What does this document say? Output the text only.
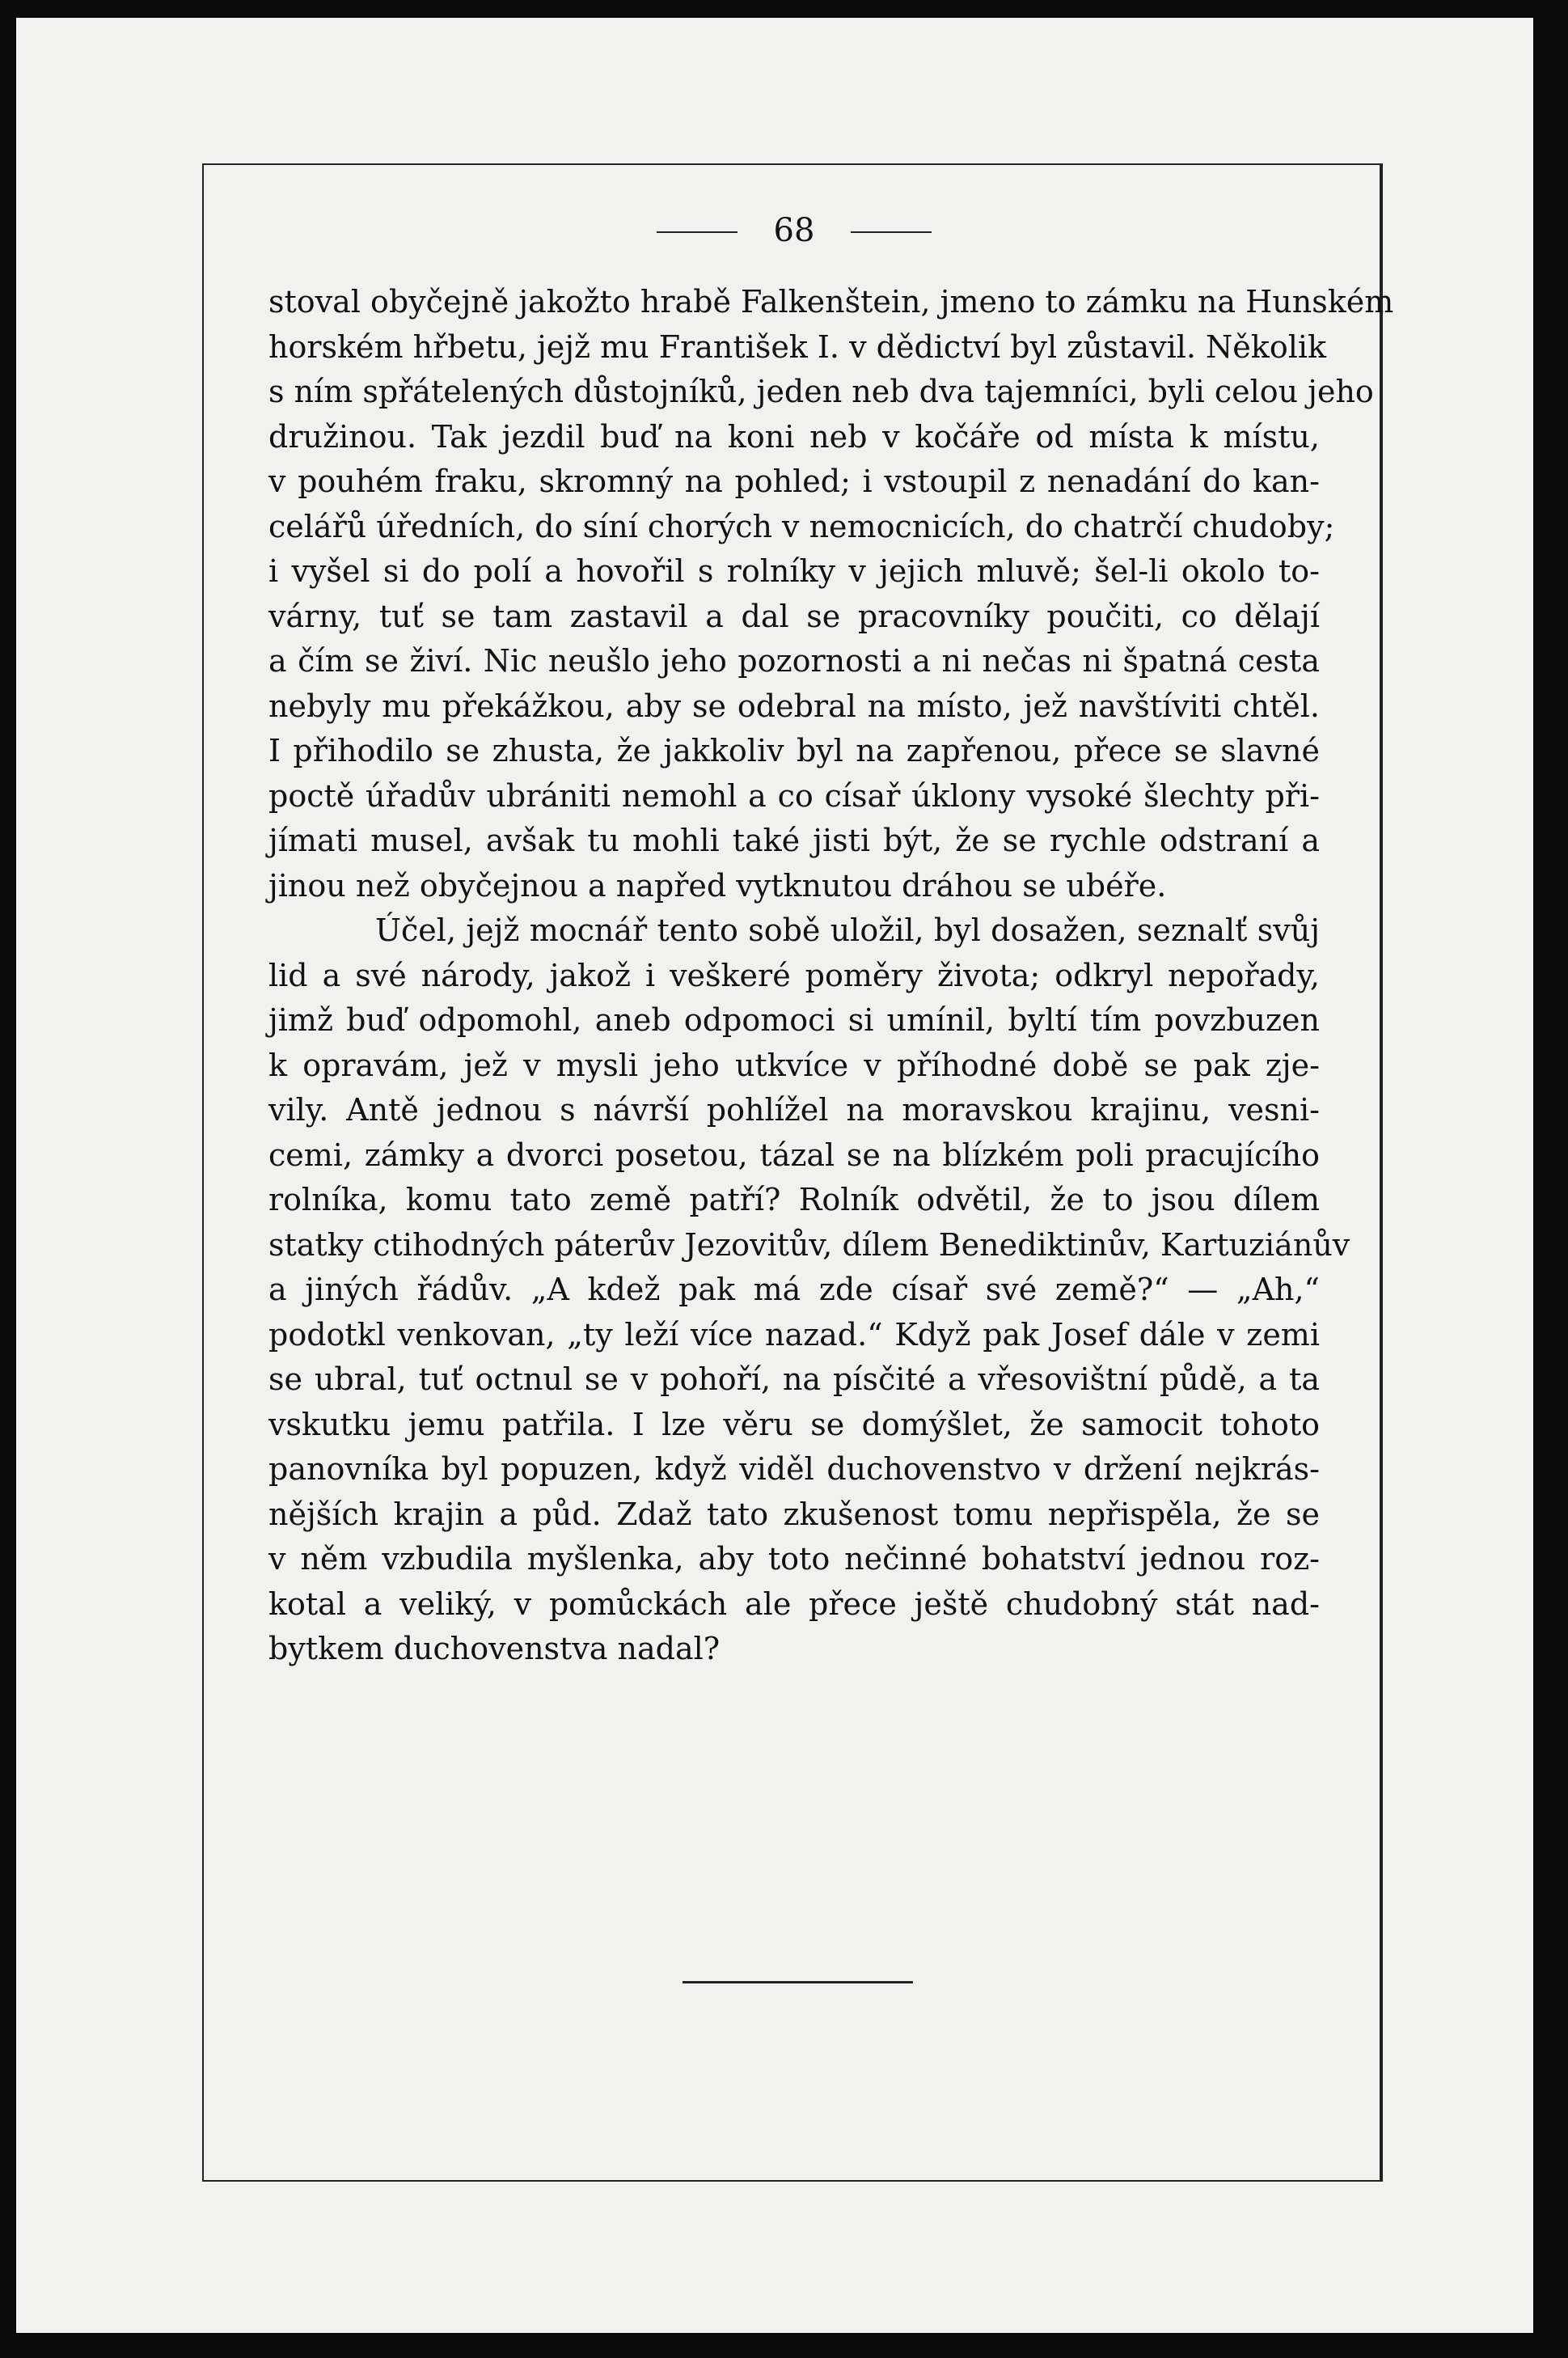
68
stoval obyčejně jakožto hrabě Falkenštein, jmeno to zámku na Hunském
horském hřbetu, jejž mu František I. v dědictví byl zůstavil. Několik
s ním spřátelených důstojníků, jeden neb dva tajemníci, byli celou jeho
družinou. Tak jezdil buď na koni neb v kočáře od místa k místu,
v pouhém fraku, skromný na pohled; i vstoupil z nenadání do kan-
celářů úředních, do síní chorých v nemocnicích, do chatrčí chudoby;
i vyšel si do polí a hovořil s rolníky v jejich mluvě; šel-li okolo to-
várny, tuť se tam zastavil a dal se pracovníky poučiti, co dělají
a čím se živí. Nic neušlo jeho pozornosti a ni nečas ni špatná cesta
nebyly mu překážkou, aby se odebral na místo, jež navštíviti chtěl.
I přihodilo se zhusta, že jakkoliv byl na zapřenou, přece se slavné
poctě úřadův ubrániti nemohl a co císař úklony vysoké šlechty při-
jímati musel, avšak tu mohli také jisti být, že se rychle odstraní a
jinou než obyčejnou a napřed vytknutou dráhou se ubéře.
Účel, jejž mocnář tento sobě uložil, byl dosažen, seznalť svůj
lid a své národy, jakož i veškeré poměry života; odkryl nepořady,
jimž buď odpomohl, aneb odpomoci si umínil, byltí tím povzbuzen
k opravám, jež v mysli jeho utkvíce v příhodné době se pak zje-
vily. Antě jednou s návrší pohlížel na moravskou krajinu, vesni-
cemi, zámky a dvorci posetou, tázal se na blízkém poli pracujícího
rolníka, komu tato země patří? Rolník odvětil, že to jsou dílem
statky ctihodných páterův Jezovitův, dílem Benediktinův, Kartuziánův
a jiných řádův. „A kdež pak má zde císař své země?“ — „Ah,“
podotkl venkovan, „ty leží více nazad.“ Když pak Josef dále v zemi
se ubral, tuť octnul se v pohoří, na písčité a vřesovištní půdě, a ta
vskutku jemu patřila. I lze věru se domýšlet, že samocit tohoto
panovníka byl popuzen, když viděl duchovenstvo v držení nejkrás-
nějších krajin a půd. Zdaž tato zkušenost tomu nepřispěla, že se
v něm vzbudila myšlenka, aby toto nečinné bohatství jednou roz-
kotal a veliký, v pomůckách ale přece ještě chudobný stát nad-
bytkem duchovenstva nadal?
